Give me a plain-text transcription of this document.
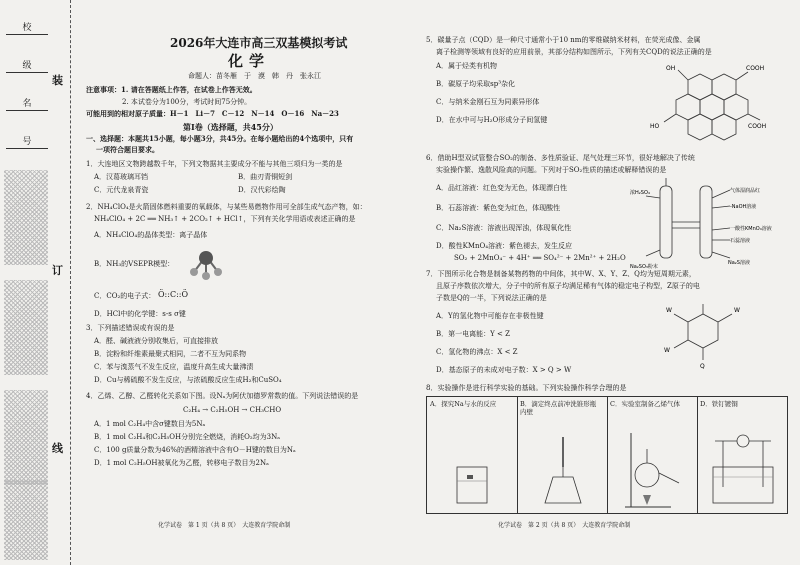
校
级
名
号
装
订
线
2026年大连市高三双基模拟考试
化学
命题人：苗冬雁　于　漠　韩　丹　张永江
注意事项：1. 请在答题纸上作答，在试卷上作答无效。
2. 本试卷分为100分，考试时间75分钟。
可能用到的相对原子质量：H－1　Li－7　C－12　N－14　O－16　Na－23
第Ⅰ卷（选择题，共45分）
一、选择题：本题共15小题，每小题3分，共45分。在每小题给出的4个选项中，只有
一项符合题目要求。
1．大连地区文物跨越数千年，下列文物据其主要成分不能与其他三项归为一类的是
A．汉葛玻璃耳铛	B．曲刃青铜短剑
C．元代龙泉青瓷	D．汉代彩绘陶
2．NH₄ClO₄是火箭固体燃料重要的氧载体，与某些易燃物作用可全部生成气态产物，如：
NH₄ClO₄ + 2C ══ NH₃↑ + 2CO₂↑ + HCl↑，下列有关化学用语或表述正确的是
A．NH₄ClO₄的晶体类型：离子晶体
B．NH₃的VSEPR模型：
C．CO₂的电子式： Ö::C::Ö
D．HCl中的化学键：s-s σ键
3．下列描述错误或有误的是
A．醛、碱液液分别收集后，可直接排放
B．淀粉和纤维素最聚式相同，二者不互为同系物
C．苯与溴蒸气不发生反应，温度升高生成大量沸渍
D．Cu与稀硫酸不发生反应，与浓硫酸反应生成H₂和CuSO₄
4．乙烯、乙醇、乙醛转化关系如下图。设Nₐ为阿伏加德罗常数的值。下列说法错误的是
C₂H₄ → C₂H₅OH → CH₃CHO
A．1 mol C₂H₄中含σ键数目为5Nₐ
B．1 mol C₂H₄和C₂H₅OH分别完全燃烧，消耗O₂均为3Nₐ
C．100 g质量分数为46%的酒精溶液中含有O－H键的数目为Nₐ
D．1 mol C₂H₅OH被氧化为乙醛，转移电子数目为2Nₐ
化学试卷　第 1 页（共 8 页）　大连教育学院命制
5．碳量子点（CQD）是一种尺寸通常小于10 nm的零维碳纳米材料，在荧光成像、金属
离子检测等领域有良好的应用前景，其部分结构如图所示，下列有关CQD的说法正确的是
A．属于烃类有机物
B．碳原子均采取sp³杂化
C．与纳米金刚石互为同素异形体
D．在水中可与H₂O形成分子间氢键
OH	COOH
COOH
HO
6．借助H型双试管整合SO₂的制备、多性质验证、尾气处理三环节，很好地解决了传统
实验操作繁、逸散风险高的问题。下列对于SO₂性质的描述或解释错误的是
A．品红溶液：红色变为无色，体现漂白性
B．石蕊溶液：紫色变为红色，体现酸性
C．Na₂S溶液：溶液出现浑浊，体现氧化性
D．酸性KMnO₄溶液：紫色褪去，发生反应
SO₂ + 2MnO₄⁻ + 4H⁺ ══ SO₄²⁻ + 2Mn²⁺ + 2H₂O
气体湿润品红
-NaOH溶液
一酸性KMnO₄溶液
石蕊溶液
浓H₂SO₄
Na₂SO₃粉末
Na₂S溶液
7．下图所示化合物是制备某物药物的中间体，其中W、X、Y、Z、Q均为短周期元素，
且原子序数依次增大，分子中的所有原子均满足稀有气体的稳定电子构型，Z原子的电
子数是Q的一半，下列说法正确的是
A．Y的氢化物中可能存在非极性键
B．第一电离能：Y < Z
C．氢化物的沸点：X < Z
D．基态原子的未成对电子数：X > Q > W
W
W
W
Q
8．实验操作是进行科学实验的基础。下列实验操作科学合理的是
A．探究Na与水的反应	B．滴定终点前冲洗锥形瓶内壁
C．实验室制备乙烯气体	D．铁钉镀铜
化学试卷　第 2 页（共 8 页）　大连教育学院命制
